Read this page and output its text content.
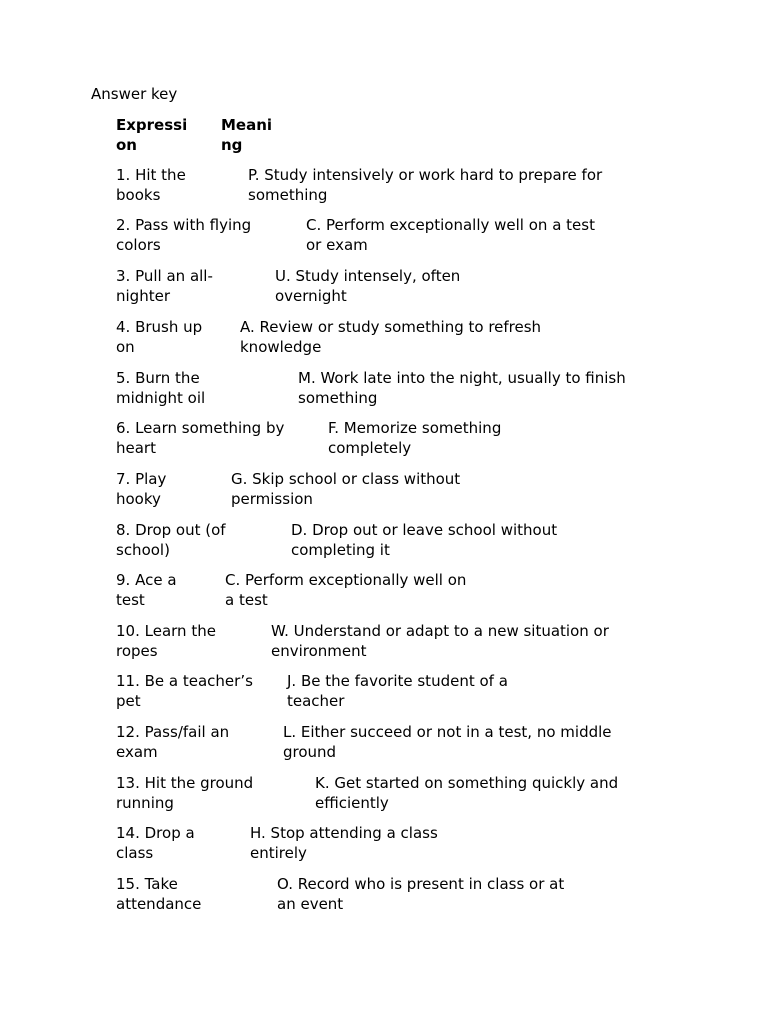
Answer key
Expressi
on
Meani
ng
1. Hit the
books
P. Study intensively or work hard to prepare for
something
2. Pass with flying
colors
C. Perform exceptionally well on a test
or exam
3. Pull an all-
nighter
U. Study intensely, often
overnight
4. Brush up
on
A. Review or study something to refresh
knowledge
5. Burn the
midnight oil
M. Work late into the night, usually to finish
something
6. Learn something by
heart
F. Memorize something
completely
7. Play
hooky
G. Skip school or class without
permission
8. Drop out (of
school)
D. Drop out or leave school without
completing it
9. Ace a
test
C. Perform exceptionally well on
a test
10. Learn the
ropes
W. Understand or adapt to a new situation or
environment
11. Be a teacher’s
pet
J. Be the favorite student of a
teacher
12. Pass/fail an
exam
L. Either succeed or not in a test, no middle
ground
13. Hit the ground
running
K. Get started on something quickly and
efficiently
14. Drop a
class
H. Stop attending a class
entirely
15. Take
attendance
O. Record who is present in class or at
an event
